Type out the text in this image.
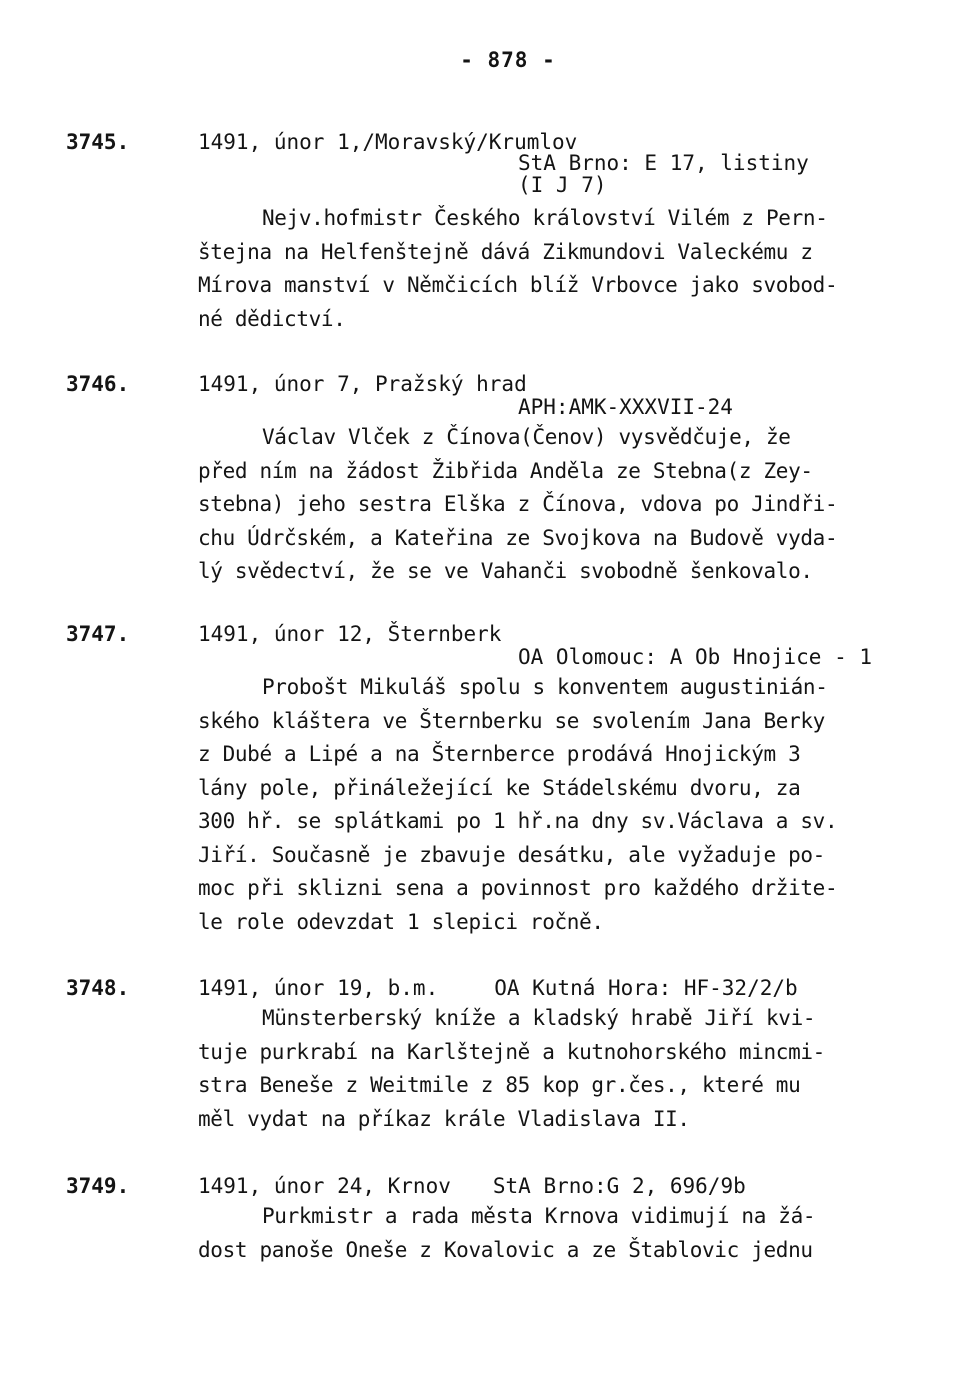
- 878 -
3745.	1491, únor 1,/Moravský/Krumlov
StA Brno: E 17, listiny
(I J 7)
Nejv.hofmistr Českého království Vilém z Pern-
štejna na Helfenštejně dává Zikmundovi Valeckému z
Mírova manství v Němčicích blíž Vrbovce jako svobod-
né dědictví.
3746.	1491, únor 7, Pražský hrad
APH:AMK-XXXVII-24
Václav Vlček z Čínova(Čenov) vysvědčuje, že
před ním na žádost Žibřida Anděla ze Stebna(z Zey-
stebna) jeho sestra Elška z Čínova, vdova po Jindři-
chu Údrčském, a Kateřina ze Svojkova na Budově vyda-
lý svědectví, že se ve Vahanči svobodně šenkovalo.
3747.	1491, únor 12, Šternberk
OA Olomouc: A Ob Hnojice - 1
Probošt Mikuláš spolu s konventem augustinián-
ského kláštera ve Šternberku se svolením Jana Berky
z Dubé a Lipé a na Šternberce prodává Hnojickým 3
lány pole, přináležející ke Stádelskému dvoru, za
300 hř. se splátkami po 1 hř.na dny sv.Václava a sv.
Jiří. Současně je zbavuje desátku, ale vyžaduje po-
moc při sklizni sena a povinnost pro každého držite-
le role odevzdat 1 slepici ročně.
3748.	1491, únor 19, b.m.	OA Kutná Hora: HF-32/2/b
Münsterberský kníže a kladský hrabě Jiří kvi-
tuje purkrabí na Karlštejně a kutnohorského mincmi-
stra Beneše z Weitmile z 85 kop gr.čes., které mu
měl vydat na příkaz krále Vladislava II.
3749.	1491, únor 24, Krnov StA Brno:G 2, 696/9b
Purkmistr a rada města Krnova vidimují na žá-
dost panoše Oneše z Kovalovic a ze Štablovic jednu
